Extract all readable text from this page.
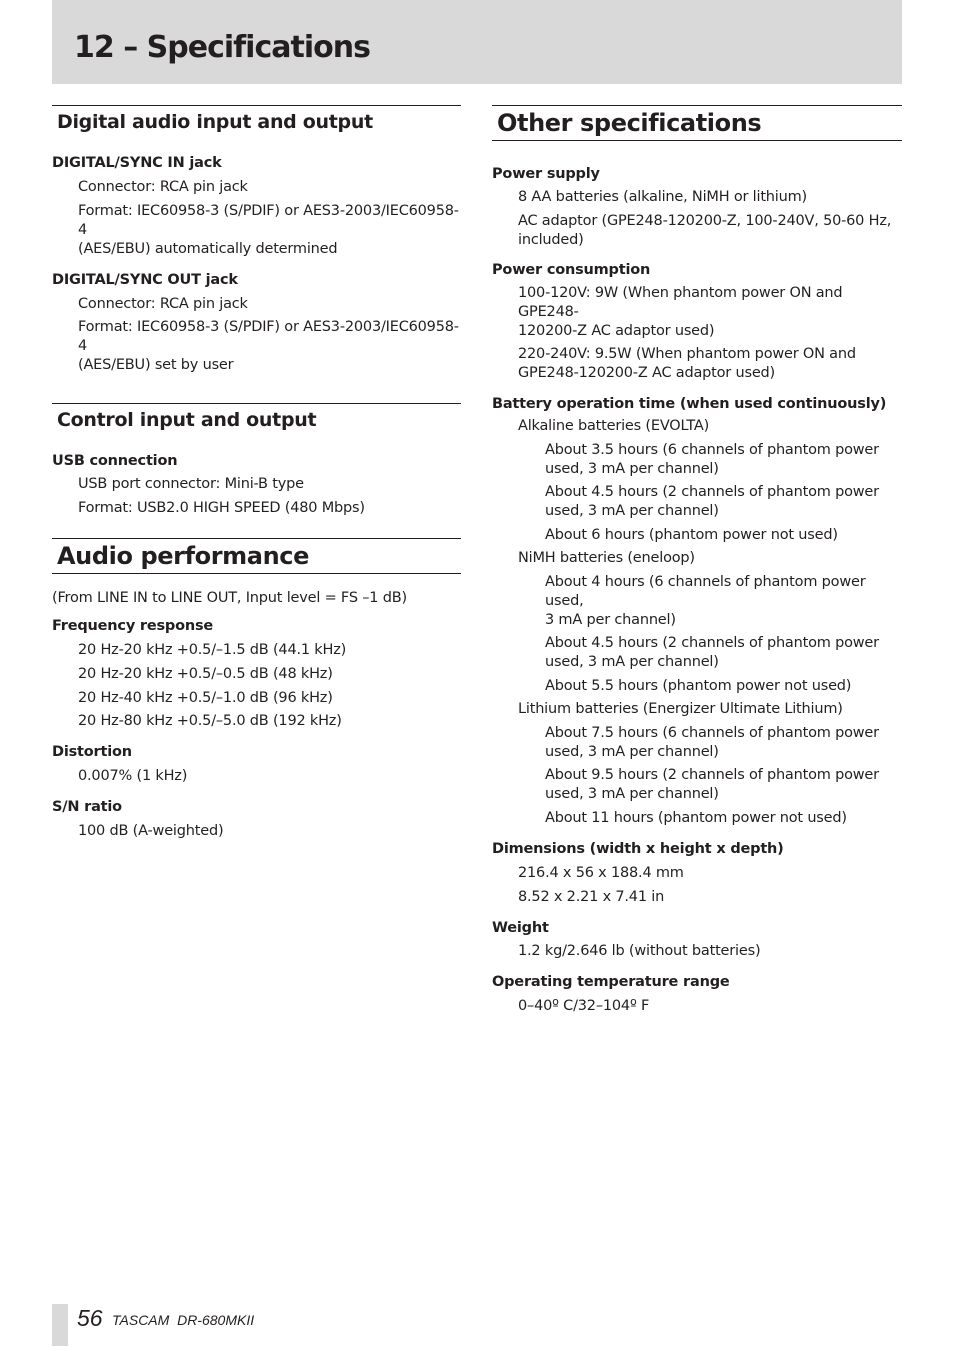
12 – Specifications
Digital audio input and output

DIGITAL/SYNC IN jack

Connector: RCA pin jack

Format: IEC60958-3 (S/PDIF) or AES3-2003/IEC60958-4

(AES/EBU) automatically determined

DIGITAL/SYNC OUT jack

Connector: RCA pin jack

Format: IEC60958-3 (S/PDIF) or AES3-2003/IEC60958-4

(AES/EBU) set by user

Control input and output

USB connection

USB port connector: Mini-B type

Format: USB2.0 HIGH SPEED (480 Mbps)

Audio performance

(From LINE IN to LINE OUT, Input level = FS –1 dB)

Frequency response

20 Hz-20 kHz +0.5/–1.5 dB (44.1 kHz)

20 Hz-20 kHz +0.5/–0.5 dB (48 kHz)

20 Hz-40 kHz +0.5/–1.0 dB (96 kHz)

20 Hz-80 kHz +0.5/–5.0 dB (192 kHz)

Distortion

0.007% (1 kHz)

S/N ratio

100 dB (A-weighted)

Other specifications

Power supply

8 AA batteries (alkaline, NiMH or lithium)

AC adaptor (GPE248-120200-Z, 100-240V, 50-60 Hz,

included)

Power consumption

100-120V: 9W (When phantom power ON and GPE248-

120200-Z AC adaptor used)

220-240V: 9.5W (When phantom power ON and

GPE248-120200-Z AC adaptor used)

Battery operation time (when used continuously)

Alkaline batteries (EVOLTA)

About 3.5 hours (6 channels of phantom power

used, 3 mA per channel)

About 4.5 hours (2 channels of phantom power

used, 3 mA per channel)

About 6 hours (phantom power not used)

NiMH batteries (eneloop)

About 4 hours (6 channels of phantom power used,

3 mA per channel)

About 4.5 hours (2 channels of phantom power

used, 3 mA per channel)

About 5.5 hours (phantom power not used)

Lithium batteries (Energizer Ultimate Lithium)

About 7.5 hours (6 channels of phantom power

used, 3 mA per channel)

About 9.5 hours (2 channels of phantom power

used, 3 mA per channel)

About 11 hours (phantom power not used)

Dimensions (width x height x depth)

216.4 x 56 x 188.4 mm

8.52 x 2.21 x 7.41 in

Weight

1.2 kg/2.646 lb (without batteries)

Operating temperature range

0–40º C/32–104º F

56 TASCAM  DR-680MKII
